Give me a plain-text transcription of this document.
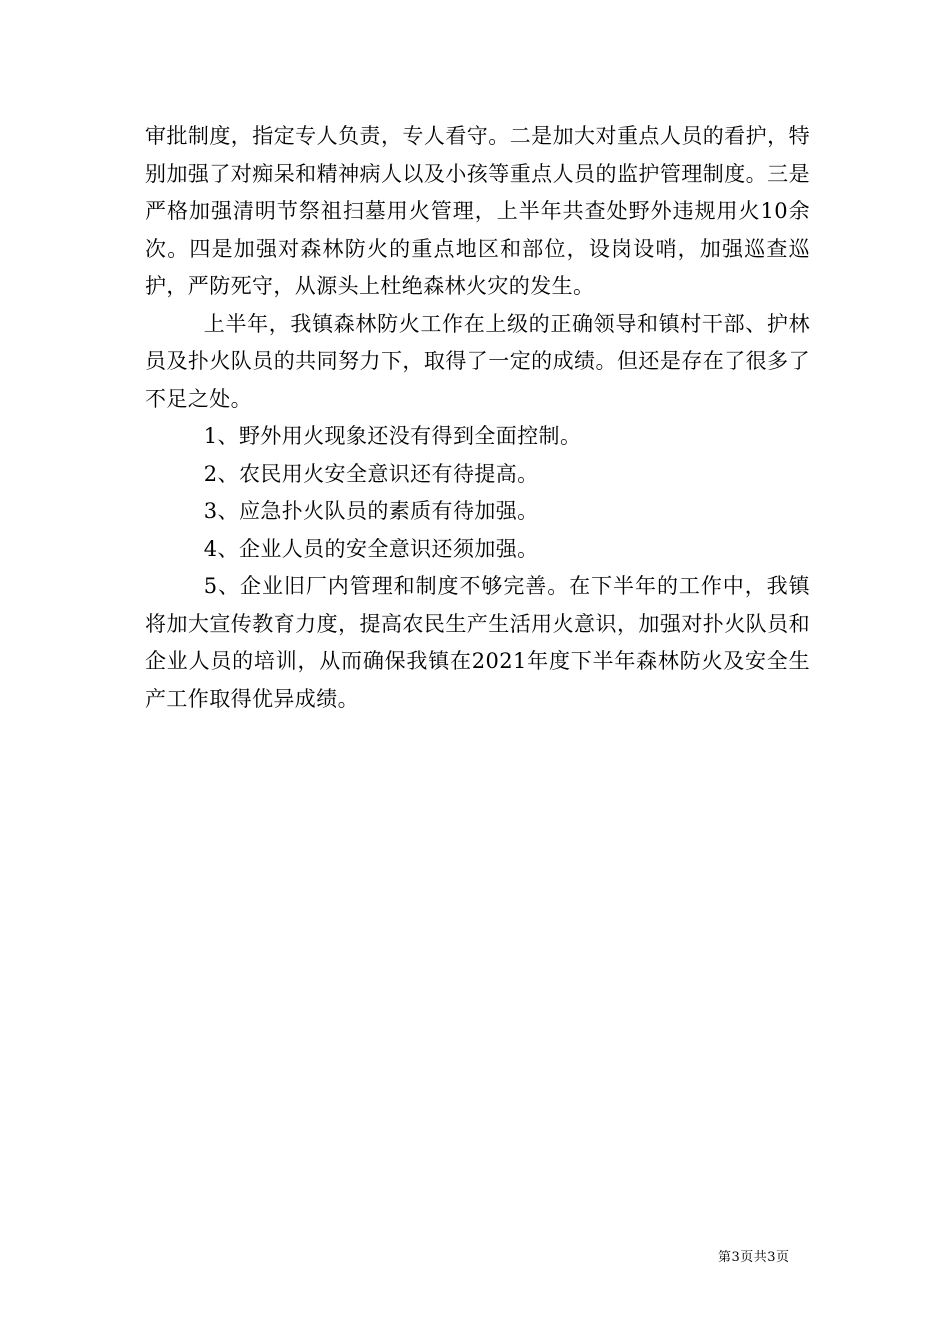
审批制度，指定专人负责，专人看守。二是加大对重点人员的看护，特别加强了对痴呆和精神病人以及小孩等重点人员的监护管理制度。三是严格加强清明节祭祖扫墓用火管理，上半年共查处野外违规用火10余次。四是加强对森林防火的重点地区和部位，设岗设哨，加强巡查巡护，严防死守，从源头上杜绝森林火灾的发生。

上半年，我镇森林防火工作在上级的正确领导和镇村干部、护林员及扑火队员的共同努力下，取得了一定的成绩。但还是存在了很多了不足之处。

1、野外用火现象还没有得到全面控制。

2、农民用火安全意识还有待提高。

3、应急扑火队员的素质有待加强。

4、企业人员的安全意识还须加强。

5、企业旧厂内管理和制度不够完善。在下半年的工作中，我镇将加大宣传教育力度，提高农民生产生活用火意识，加强对扑火队员和企业人员的培训，从而确保我镇在2021年度下半年森林防火及安全生产工作取得优异成绩。

第3页共3页
